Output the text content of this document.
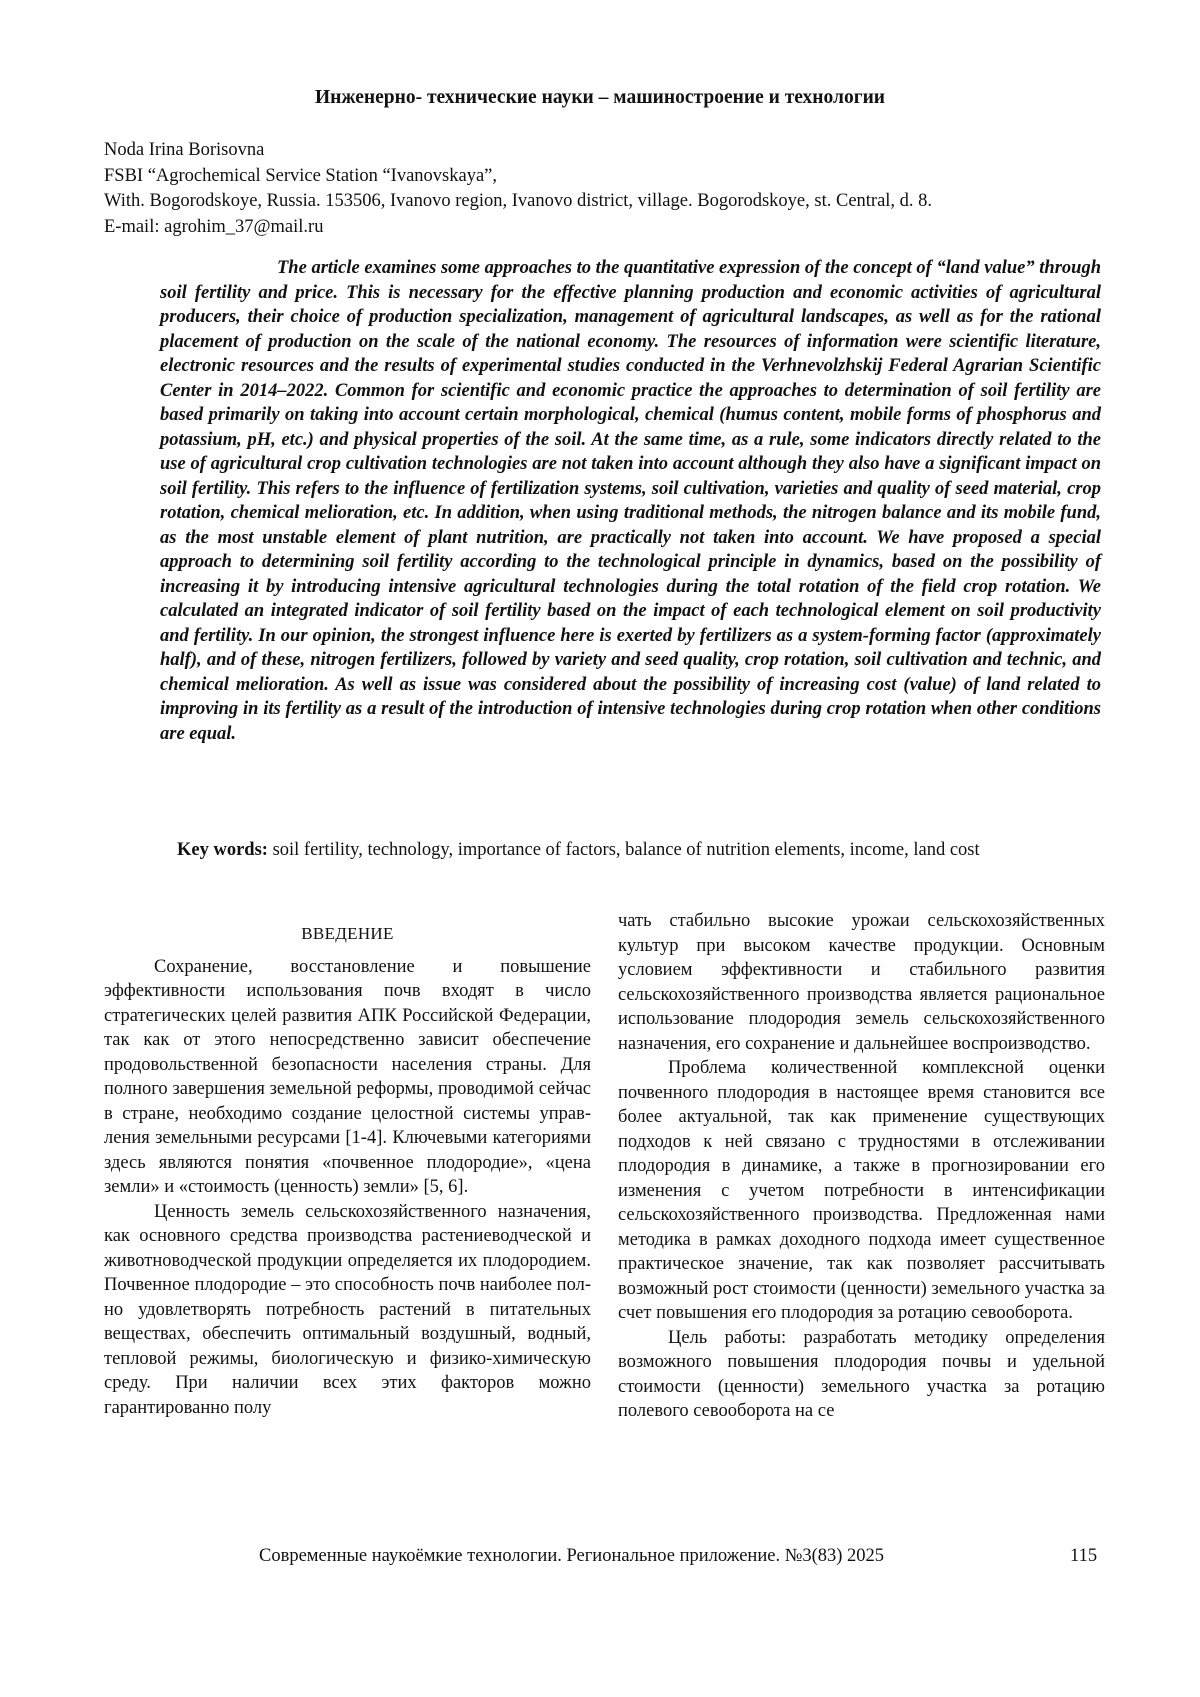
Инженерно- технические науки – машиностроение и технологии
Noda Irina Borisovna
FSBI “Agrochemical Service Station “Ivanovskaya”,
With. Bogorodskoye, Russia. 153506, Ivanovo region, Ivanovo district, village. Bogorodskoye, st. Central, d. 8.
E-mail: agrohim_37@mail.ru

The article examines some approaches to the quantitative expression of the concept of “land value” through soil fertility and price. This is necessary for the effective planning production and economic activities of agricultural producers, their choice of production specialization, management of agricultural landscapes, as well as for the rational placement of production on the scale of the national economy. The resources of information were scientific literature, electronic resources and the results of experimental studies conducted in the Verhnevolzhskij Federal Agrarian Scientific Center in 2014–2022. Common for scientific and economic practice the approaches to determination of soil fertility are based primarily on taking into account certain morphological, chemical (humus content, mobile forms of phosphorus and potassium, pH, etc.) and physical properties of the soil. At the same time, as a rule, some indicators directly related to the use of agricultural crop cultivation technologies are not taken into account although they also have a significant impact on soil fertility. This refers to the influence of fertilization systems, soil cultivation, varieties and quality of seed material, crop rotation, chemical melioration, etc. In addition, when using traditional methods, the nitrogen balance and its mobile fund, as the most unstable element of plant nutrition, are practically not taken into account. We have proposed a special approach to determining soil fertility according to the technological principle in dynamics, based on the possibility of increasing it by introducing intensive agricultural technologies during the total rotation of the field crop rotation. We calculated an integrated indicator of soil fertility based on the impact of each technological element on soil productivity and fertility. In our opinion, the strongest influence here is exerted by fertilizers as a system-forming factor (approximately half), and of these, nitrogen fertilizers, followed by variety and seed quality, crop rotation, soil cultivation and technic, and chemical melioration. As well as issue was considered about the possibility of increasing cost (value) of land related to improving in its fertility as a result of the introduction of intensive technologies during crop rotation when other conditions are equal.

Key words: soil fertility, technology, importance of factors, balance of nutrition elements, income, land cost

ВВЕДЕНИЕ

Сохранение, восстановление и повышение эффективности использования почв входят в число стратегических целей развития АПК Российской Федерации, так как от этого непосредственно зависит обеспечение продовольственной безопасности населения страны. Для полного завершения земельной реформы, проводимой сейчас в стране, необходимо создание целостной системы управления земельными ресурсами [1-4]. Ключевыми категориями здесь являются понятия «почвенное плодородие», «цена земли» и «стоимость (ценность) земли» [5, 6].

Ценность земель сельскохозяйственного назначения, как основного средства производства растениеводческой и животноводческой продукции определяется их плодородием. Почвенное плодородие – это способность почв наиболее полно удовлетворять потребность растений в питательных веществах, обеспечить оптимальный воздушный, водный, тепловой режимы, биологическую и физико-химическую среду. При наличии всех этих факторов можно гарантированно полу

чать стабильно высокие урожаи сельскохозяйственных культур при высоком качестве продукции. Основным условием эффективности и стабильного развития сельскохозяйственного производства является рациональное использование плодородия земель сельскохозяйственного назначения, его сохранение и дальнейшее воспроизводство.

Проблема количественной комплексной оценки почвенного плодородия в настоящее время становится все более актуальной, так как применение существующих подходов к ней связано с трудностями в отслеживании плодородия в динамике, а также в прогнозировании его изменения с учетом потребности в интенсификации сельскохозяйственного производства. Предложенная нами методика в рамках доходного подхода имеет существенное практическое значение, так как позволяет рассчитывать возможный рост стоимости (ценности) земельного участка за счет повышения его плодородия за ротацию севооборота.

Цель работы: разработать методику определения возможного повышения плодородия почвы и удельной стоимости (ценности) земельного участка за ротацию полевого севооборота на се

Современные наукоёмкие технологии. Региональное приложение. №3(83) 2025	115
